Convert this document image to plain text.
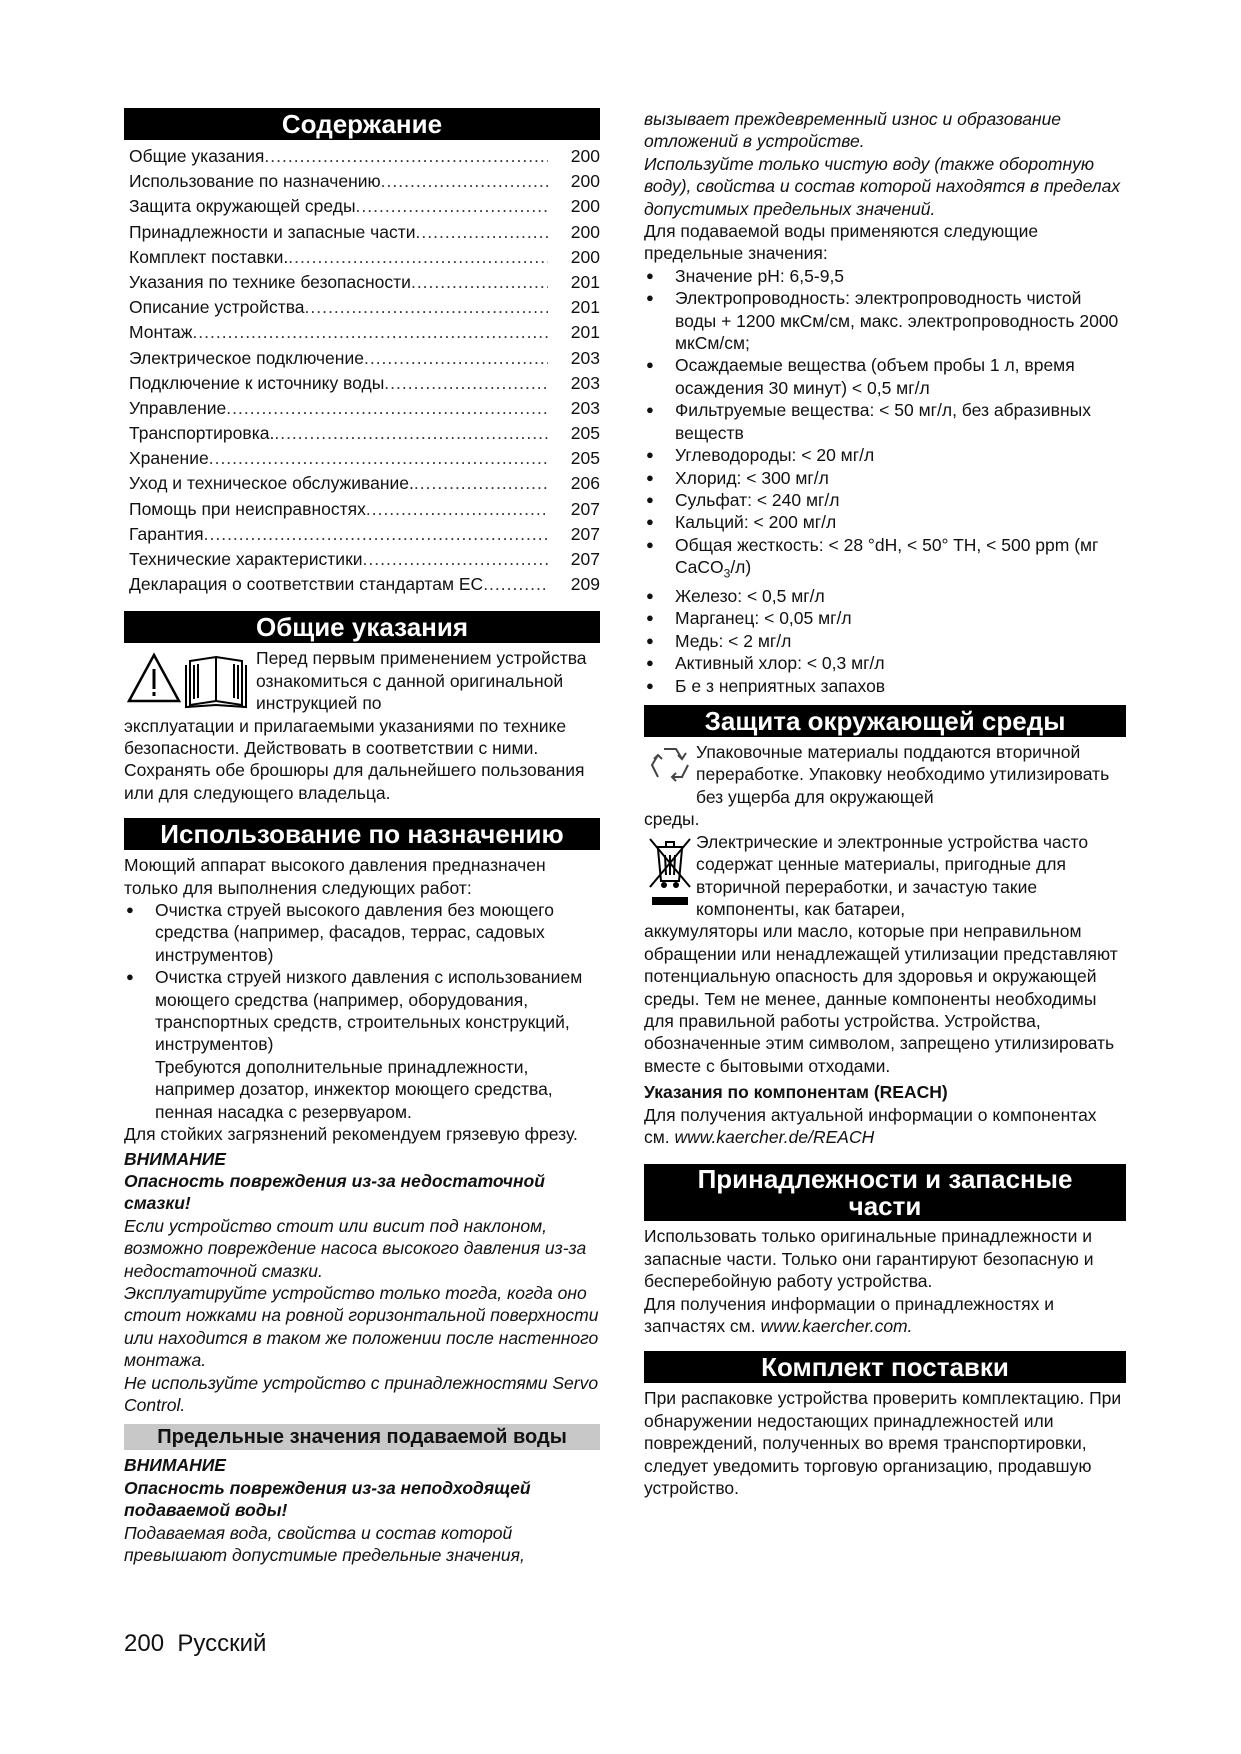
Содержание
Общие указания .....	200
Использование по назначению .....	200
Защита окружающей среды .....	200
Принадлежности и запасные части .....	200
Комплект поставки. .....	200
Указания по технике безопасности .....	201
Описание устройства .....	201
Монтаж .....	201
Электрическое подключение .....	203
Подключение к источнику воды .....	203
Управление .....	203
Транспортировка. .....	205
Хранение .....	205
Уход и техническое обслуживание. .....	206
Помощь при неисправностях .....	207
Гарантия .....	207
Технические характеристики .....	207
Декларация о соответствии стандартам ЕС .....	209
Общие указания

Перед первым применением устройства ознакомиться с данной оригинальной инструкцией по

эксплуатации и прилагаемыми указаниями по технике безопасности. Действовать в соответствии с ними.

Сохранять обе брошюры для дальнейшего пользования или для следующего владельца.

Использование по назначению

Моющий аппарат высокого давления предназначен только для выполнения следующих работ:

● Очистка струей высокого давления без моющего средства (например, фасадов, террас, садовых инструментов)
● Очистка струей низкого давления с использованием моющего средства (например, оборудования, транспортных средств, строительных конструкций, инструментов)
Требуются дополнительные принадлежности, например дозатор, инжектор моющего средства, пенная насадка с резервуаром.

Для стойких загрязнений рекомендуем грязевую фрезу.

ВНИМАНИЕ

Опасность повреждения из-за недостаточной смазки!

Если устройство стоит или висит под наклоном, возможно повреждение насоса высокого давления из-за недостаточной смазки.

Эксплуатируйте устройство только тогда, когда оно стоит ножками на ровной горизонтальной поверхности или находится в таком же положении после настенного монтажа.

Не используйте устройство с принадлежностями Servo Control.

Предельные значения подаваемой воды

ВНИМАНИЕ

Опасность повреждения из-за неподходящей подаваемой воды!

Подаваемая вода, свойства и состав которой превышают допустимые предельные значения,

вызывает преждевременный износ и образование отложений в устройстве.

Используйте только чистую воду (также оборотную воду), свойства и состав которой находятся в пределах допустимых предельных значений.

Для подаваемой воды применяются следующие предельные значения:

● Значение pH: 6,5-9,5
● Электропроводность: электропроводность чистой воды + 1200 мкСм/см, макс. электропроводность 2000 мкСм/см;
● Осаждаемые вещества (объем пробы 1 л, время осаждения 30 минут) < 0,5 мг/л
● Фильтруемые вещества: < 50 мг/л, без абразивных веществ
● Углеводороды: < 20 мг/л
● Хлорид: < 300 мг/л
● Сульфат: < 240 мг/л
● Кальций: < 200 мг/л
● Общая жесткость: < 28 °dH, < 50° TH, < 500 ppm (мг CaCO$_3$/л)
● Железо: < 0,5 мг/л
● Марганец: < 0,05 мг/л
● Медь: < 2 мг/л
● Активный хлор: < 0,3 мг/л
● Б е з неприятных запахов
Защита окружающей среды

Упаковочные материалы поддаются вторичной переработке. Упаковку необходимо утилизировать без ущерба для окружающей

среды.

Электрические и электронные устройства часто содержат ценные материалы, пригодные для вторичной переработки, и зачастую такие компоненты, как батареи,

аккумуляторы или масло, которые при неправильном обращении или ненадлежащей утилизации представляют потенциальную опасность для здоровья и окружающей среды. Тем не менее, данные компоненты необходимы для правильной работы устройства. Устройства, обозначенные этим символом, запрещено утилизировать вместе с бытовыми отходами.

Указания по компонентам (REACH)

Для получения актуальной информации о компонентах см. www.kaercher.de/REACH

Принадлежности и запасные
части

Использовать только оригинальные принадлежности и запасные части. Только они гарантируют безопасную и бесперебойную работу устройства.

Для получения информации о принадлежностях и запчастях см. www.kaercher.com.

Комплект поставки

При распаковке устройства проверить комплектацию. При обнаружении недостающих принадлежностей или повреждений, полученных во время транспортировки, следует уведомить торговую организацию, продавшую устройство.

200 Русский
